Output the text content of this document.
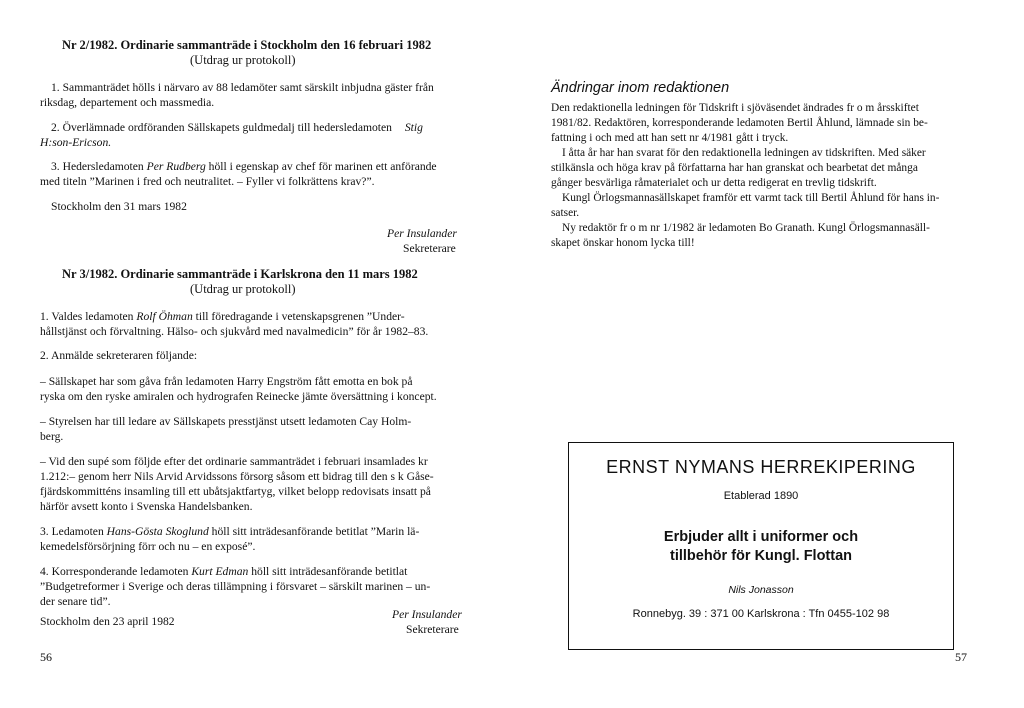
Nr 2/1982. Ordinarie sammanträde i Stockholm den 16 februari 1982
(Utdrag ur protokoll)
1. Sammanträdet hölls i närvaro av 88 ledamöter samt särskilt inbjudna gäster från
riksdag, departement och massmedia.
2. Överlämnade ordföranden Sällskapets guldmedalj till hedersledamoten Stig
H:son-Ericson.
3. Hedersledamoten Per Rudberg höll i egenskap av chef för marinen ett anförande
med titeln ”Marinen i fred och neutralitet. – Fyller vi folkrättens krav?”.
Stockholm den 31 mars 1982
Per Insulander
Sekreterare
Nr 3/1982. Ordinarie sammanträde i Karlskrona den 11 mars 1982
(Utdrag ur protokoll)
1. Valdes ledamoten Rolf Öhman till föredragande i vetenskapsgrenen ”Under-
hållstjänst och förvaltning. Hälso- och sjukvård med navalmedicin” för år 1982–83.
2. Anmälde sekreteraren följande:
– Sällskapet har som gåva från ledamoten Harry Engström fått emotta en bok på
ryska om den ryske amiralen och hydrografen Reinecke jämte översättning i koncept.
– Styrelsen har till ledare av Sällskapets presstjänst utsett ledamoten Cay Holm-
berg.
– Vid den supé som följde efter det ordinarie sammanträdet i februari insamlades kr
1.212:– genom herr Nils Arvid Arvidssons försorg såsom ett bidrag till den s k Gåse-
fjärdskommitténs insamling till ett ubåtsjaktfartyg, vilket belopp redovisats insatt på
härför avsett konto i Svenska Handelsbanken.
3. Ledamoten Hans-Gösta Skoglund höll sitt inträdesanförande betitlat ”Marin lä-
kemedelsförsörjning förr och nu – en exposé”.
4. Korresponderande ledamoten Kurt Edman höll sitt inträdesanförande betitlat
”Budgetreformer i Sverige och deras tillämpning i försvaret – särskilt marinen – un-
der senare tid”.
Stockholm den 23 april 1982
Per Insulander
Sekreterare
56
Ändringar inom redaktionen
Den redaktionella ledningen för Tidskrift i sjöväsendet ändrades fr o m årsskiftet
1981/82. Redaktören, korresponderande ledamoten Bertil Åhlund, lämnade sin be-
fattning i och med att han sett nr 4/1981 gått i tryck.
I åtta år har han svarat för den redaktionella ledningen av tidskriften. Med säker
stilkänsla och höga krav på författarna har han granskat och bearbetat det många
gånger besvärliga råmaterialet och ur detta redigerat en trevlig tidskrift.
Kungl Örlogsmannasällskapet framför ett varmt tack till Bertil Åhlund för hans in-
satser.
Ny redaktör fr o m nr 1/1982 är ledamoten Bo Granath. Kungl Örlogsmannasäll-
skapet önskar honom lycka till!
ERNST NYMANS HERREKIPERING
Etablerad 1890
Erbjuder allt i uniformer och
tillbehör för Kungl. Flottan
Nils Jonasson
Ronnebyg. 39 : 371 00 Karlskrona : Tfn 0455-102 98
57
